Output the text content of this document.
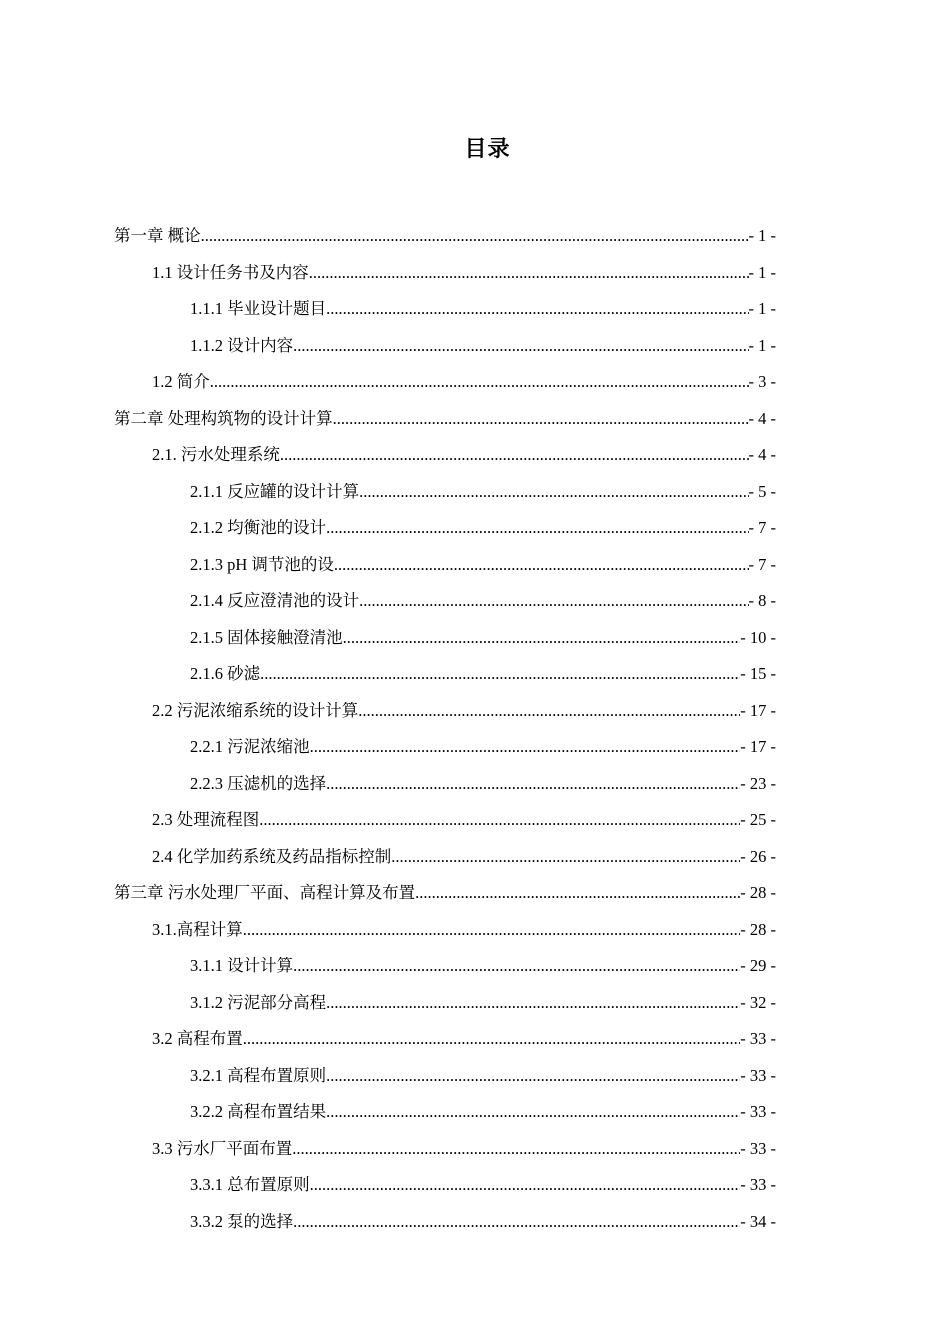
目录
第一章 概论 .....	- 1 -
1.1 设计任务书及内容 .....	- 1 -
1.1.1 毕业设计题目 .....	- 1 -
1.1.2 设计内容 .....	- 1 -
1.2 简介 .....	- 3 -
第二章 处理构筑物的设计计算 .....	- 4 -
2.1. 污水处理系统 .....	- 4 -
2.1.1 反应罐的设计计算 .....	- 5 -
2.1.2 均衡池的设计 .....	- 7 -
2.1.3 pH 调节池的设 .....	- 7 -
2.1.4 反应澄清池的设计 .....	- 8 -
2.1.5 固体接触澄清池 .....	- 10 -
2.1.6 砂滤 .....	- 15 -
2.2 污泥浓缩系统的设计计算 .....	- 17 -
2.2.1 污泥浓缩池 .....	- 17 -
2.2.3 压滤机的选择 .....	- 23 -
2.3 处理流程图 .....	- 25 -
2.4 化学加药系统及药品指标控制 .....	- 26 -
第三章 污水处理厂平面、高程计算及布置 .....	- 28 -
3.1.高程计算 .....	- 28 -
3.1.1 设计计算 .....	- 29 -
3.1.2 污泥部分高程 .....	- 32 -
3.2 高程布置 .....	- 33 -
3.2.1 高程布置原则 .....	- 33 -
3.2.2 高程布置结果 .....	- 33 -
3.3 污水厂平面布置 .....	- 33 -
3.3.1 总布置原则 .....	- 33 -
3.3.2 泵的选择 .....	- 34 -
